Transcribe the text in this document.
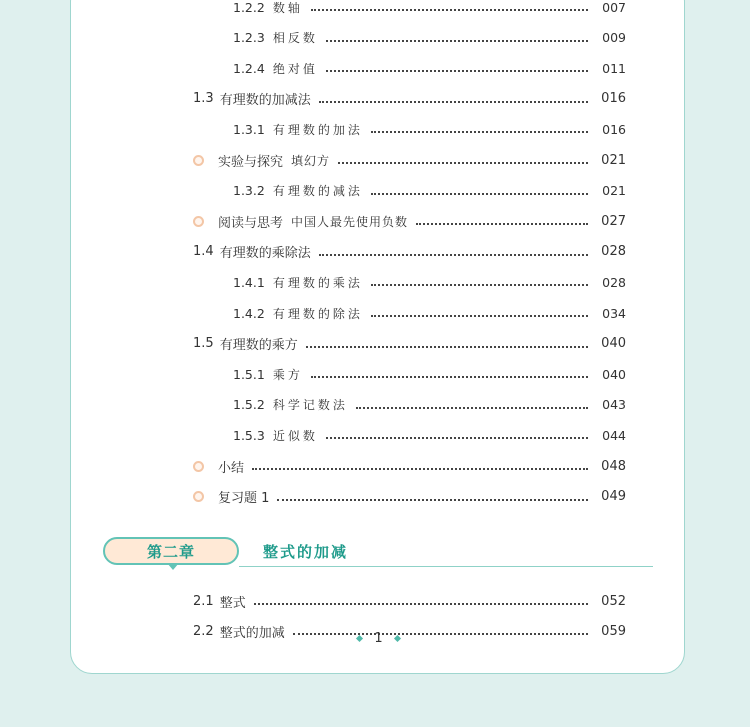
1.2.2 数轴	007
1.2.3 相反数	009
1.2.4 绝对值	011
1.3 有理数的加减法	016
1.3.1 有理数的加法	016
实验与探究 填幻方	021
1.3.2 有理数的减法	021
阅读与思考 中国人最先使用负数	027
1.4 有理数的乘除法	028
1.4.1 有理数的乘法	028
1.4.2 有理数的除法	034
1.5 有理数的乘方	040
1.5.1 乘方	040
1.5.2 科学记数法	043
1.5.3 近似数	044
小结	048
复习题 1	049
第二章	整式的加减
2.1 整式	052
2.2 整式的加减	059
1
